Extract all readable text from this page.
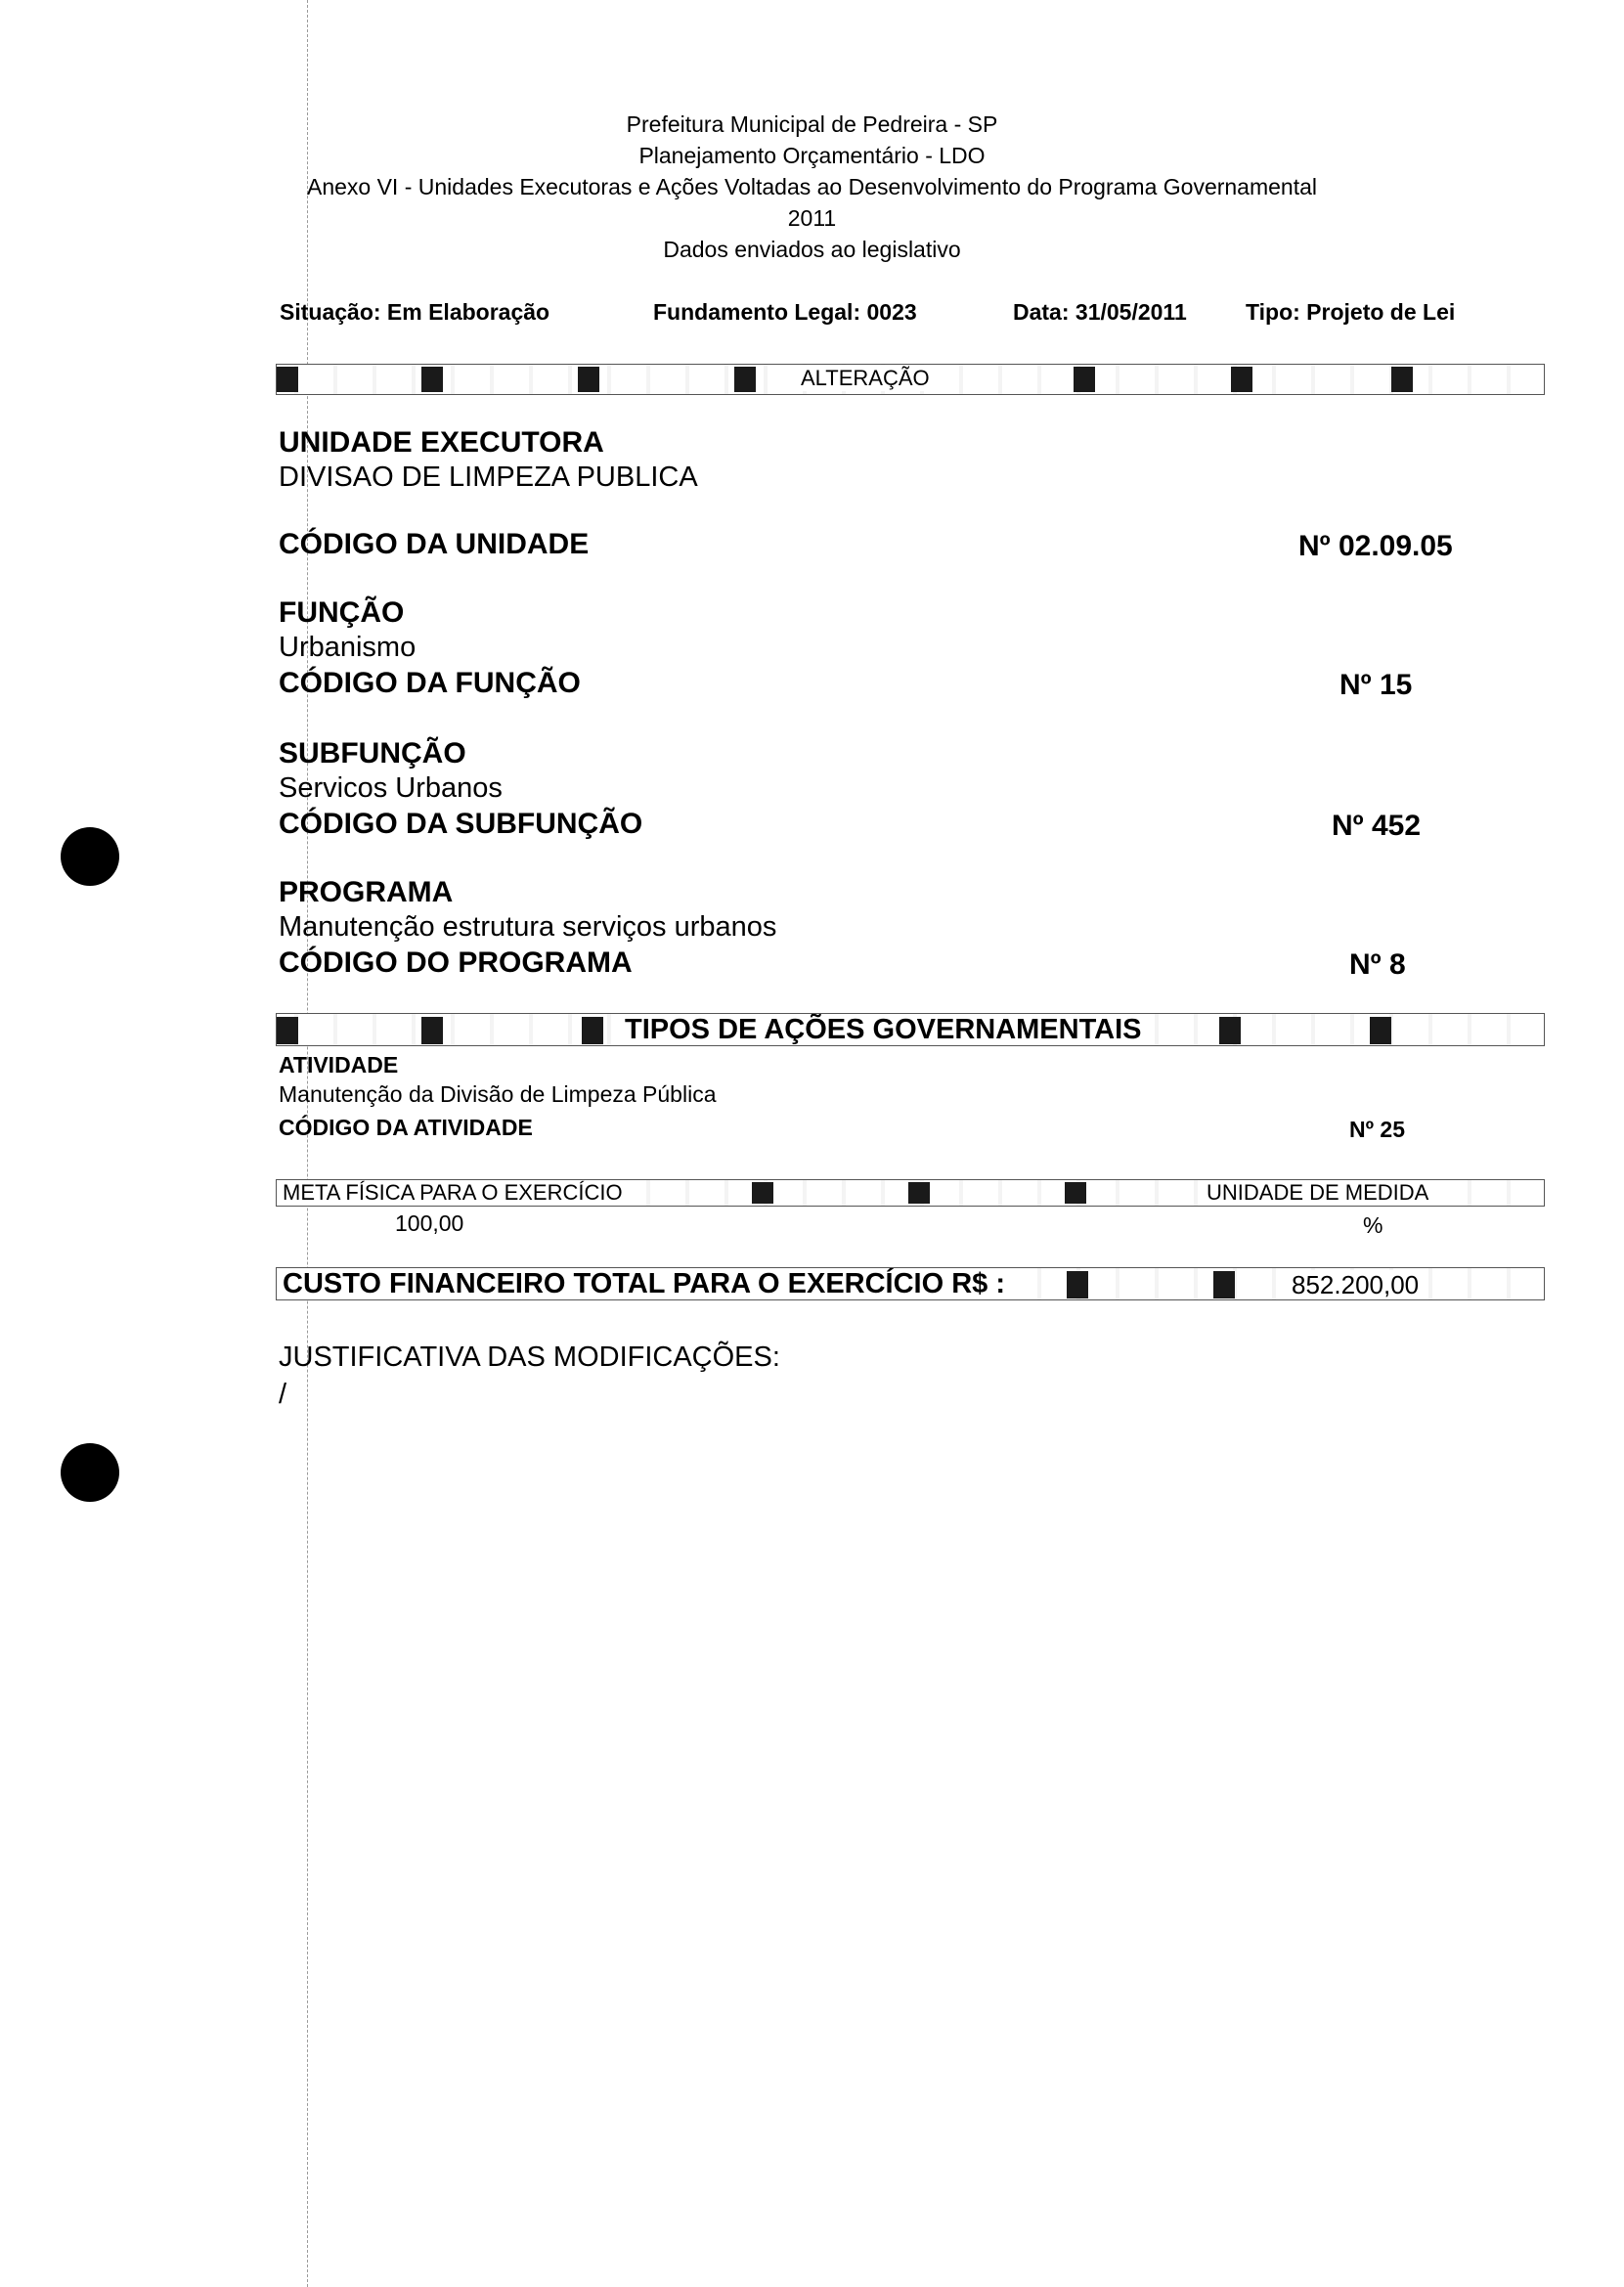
Prefeitura Municipal de Pedreira - SP
Planejamento Orçamentário - LDO
Anexo VI - Unidades Executoras e Ações Voltadas ao Desenvolvimento do Programa Governamental
2011
Dados enviados ao legislativo
Situação: Em Elaboração	Fundamento Legal: 0023	Data: 31/05/2011	Tipo: Projeto de Lei
ALTERAÇÃO
UNIDADE EXECUTORA
DIVISAO DE LIMPEZA PUBLICA
CÓDIGO DA UNIDADE	Nº 02.09.05
FUNÇÃO
Urbanismo
CÓDIGO DA FUNÇÃO	Nº 15
SUBFUNÇÃO
Servicos Urbanos
CÓDIGO DA SUBFUNÇÃO	Nº 452
PROGRAMA
Manutenção estrutura serviços urbanos
CÓDIGO DO PROGRAMA	Nº 8
TIPOS DE AÇÕES GOVERNAMENTAIS
ATIVIDADE
Manutenção da Divisão de Limpeza Pública
CÓDIGO DA ATIVIDADE	Nº 25
META FÍSICA PARA O EXERCÍCIO	UNIDADE DE MEDIDA
100,00	%
CUSTO FINANCEIRO TOTAL PARA O EXERCÍCIO R$ :	852.200,00
JUSTIFICATIVA DAS MODIFICAÇÕES:
/
